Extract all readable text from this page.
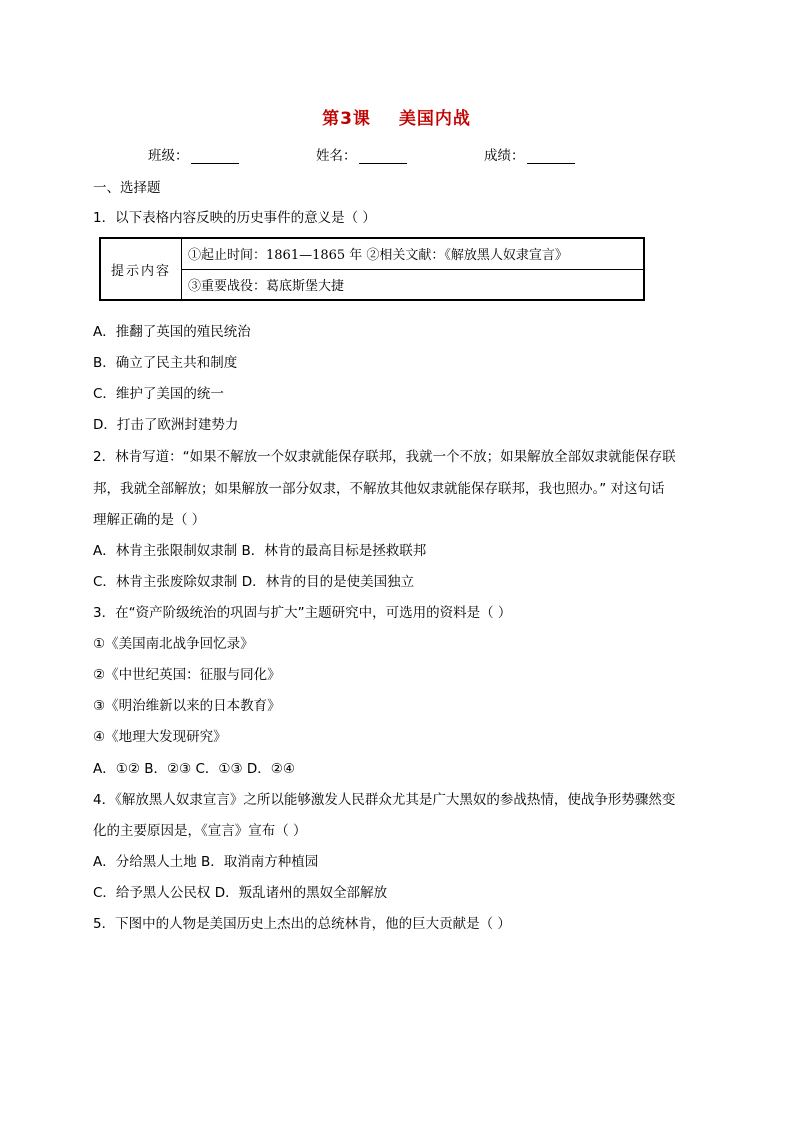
第3课 美国内战
班级：	姓名：	成绩：
一、选择题
1．以下表格内容反映的历史事件的意义是（ ）
提示内容	①起止时间：1861—1865 年 ②相关文献：《解放黑人奴隶宣言》
③重要战役：葛底斯堡大捷
A．推翻了英国的殖民统治
B．确立了民主共和制度
C．维护了美国的统一
D．打击了欧洲封建势力
2．林肯写道：“如果不解放一个奴隶就能保存联邦，我就一个不放；如果解放全部奴隶就能保存联
邦，我就全部解放；如果解放一部分奴隶，不解放其他奴隶就能保存联邦，我也照办。” 对这句话
理解正确的是（ ）
A．林肯主张限制奴隶制 B．林肯的最高目标是拯救联邦
C．林肯主张废除奴隶制 D．林肯的目的是使美国独立
3．在“资产阶级统治的巩固与扩大”主题研究中，可选用的资料是（ ）
①《美国南北战争回忆录》
②《中世纪英国：征服与同化》
③《明治维新以来的日本教育》
④《地理大发现研究》
A．①② B．②③ C．①③ D．②④
4．《解放黑人奴隶宣言》之所以能够激发人民群众尤其是广大黑奴的参战热情，使战争形势骤然变
化的主要原因是，《宣言》宣布（ ）
A．分给黑人土地 B．取消南方种植园
C．给予黑人公民权 D．叛乱诸州的黑奴全部解放
5．下图中的人物是美国历史上杰出的总统林肯，他的巨大贡献是（ ）
